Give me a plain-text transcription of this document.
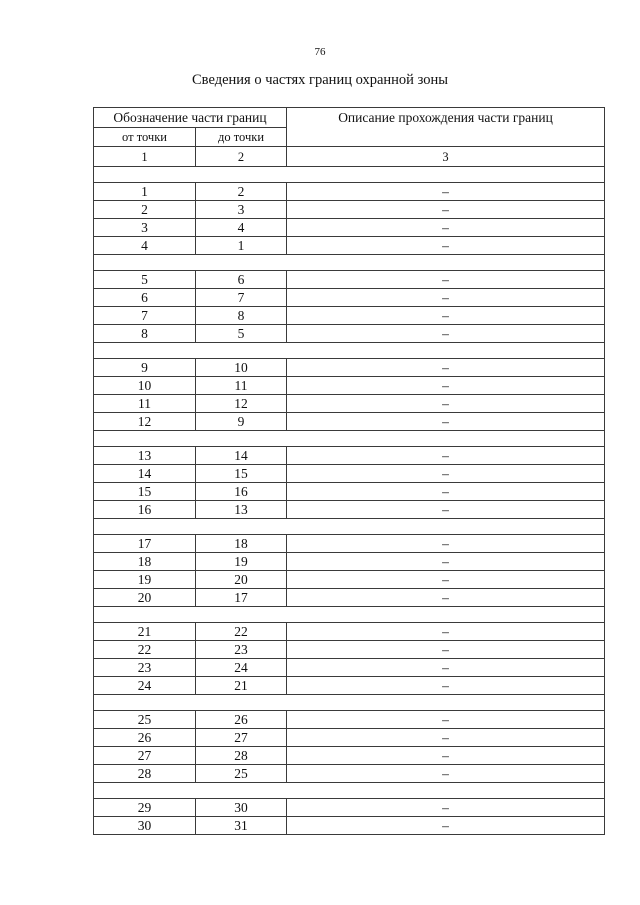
76
Сведения о частях границ охранной зоны
Обозначение части границ		Описание прохождения части границ
от точки	до точки	
1	2	3

1	2	–
2	3	–
3	4	–
4	1	–

5	6	–
6	7	–
7	8	–
8	5	–

9	10	–
10	11	–
11	12	–
12	9	–

13	14	–
14	15	–
15	16	–
16	13	–

17	18	–
18	19	–
19	20	–
20	17	–

21	22	–
22	23	–
23	24	–
24	21	–

25	26	–
26	27	–
27	28	–
28	25	–

29	30	–
30	31	–
